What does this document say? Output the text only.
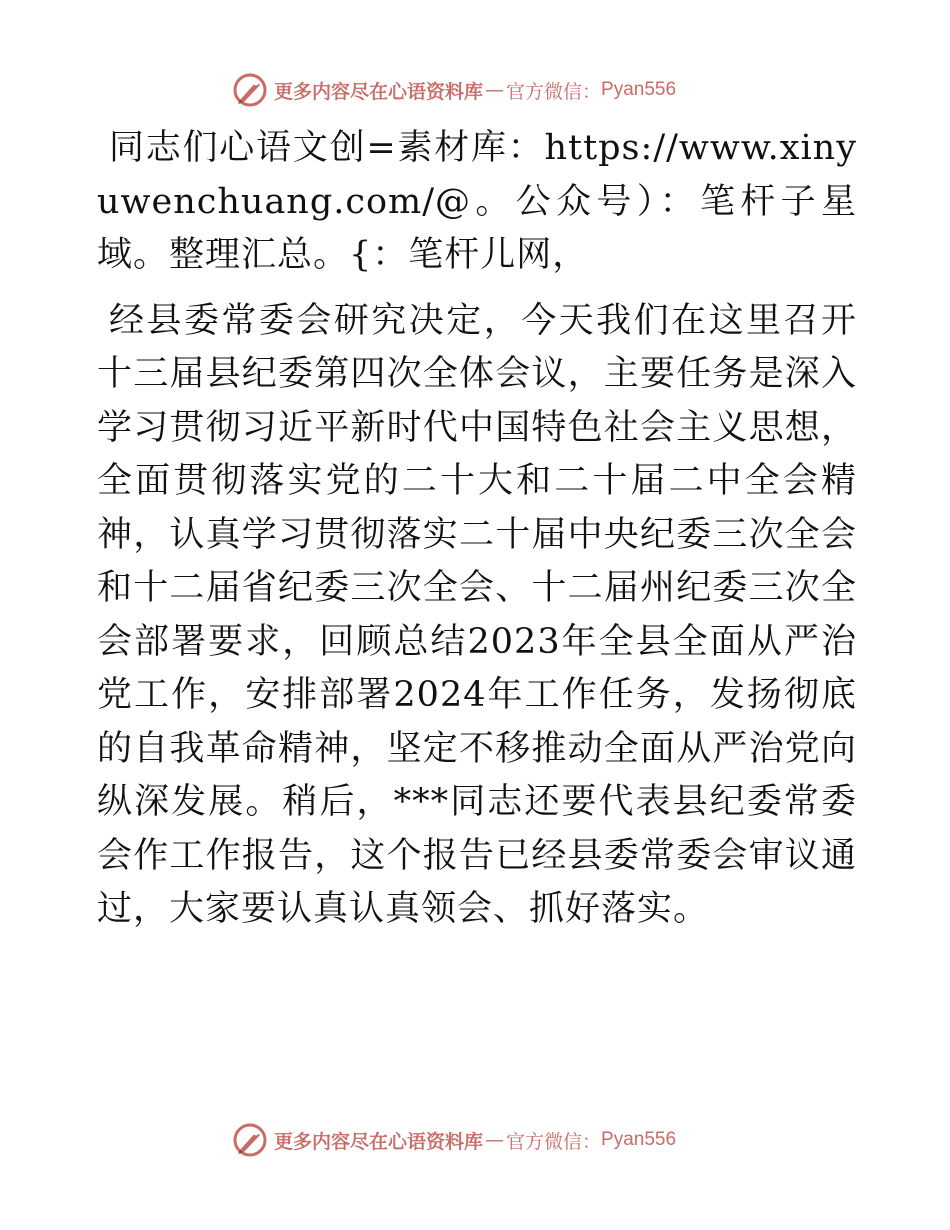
更多内容尽在心语资料库 — 官方微信： Pyan556

同志们心语文创=素材库：https://www.xinyuwenchuang.com/@。公众号）：笔杆子星域。整理汇总。{：笔杆儿网，

经县委常委会研究决定，今天我们在这里召开十三届县纪委第四次全体会议，主要任务是深入学习贯彻习近平新时代中国特色社会主义思想，全面贯彻落实党的二十大和二十届二中全会精神，认真学习贯彻落实二十届中央纪委三次全会和十二届省纪委三次全会、十二届州纪委三次全会部署要求，回顾总结2023年全县全面从严治党工作，安排部署2024年工作任务，发扬彻底的自我革命精神，坚定不移推动全面从严治党向纵深发展。稍后，***同志还要代表县纪委常委会作工作报告，这个报告已经县委常委会审议通过，大家要认真认真领会、抓好落实。

更多内容尽在心语资料库 — 官方微信： Pyan556
